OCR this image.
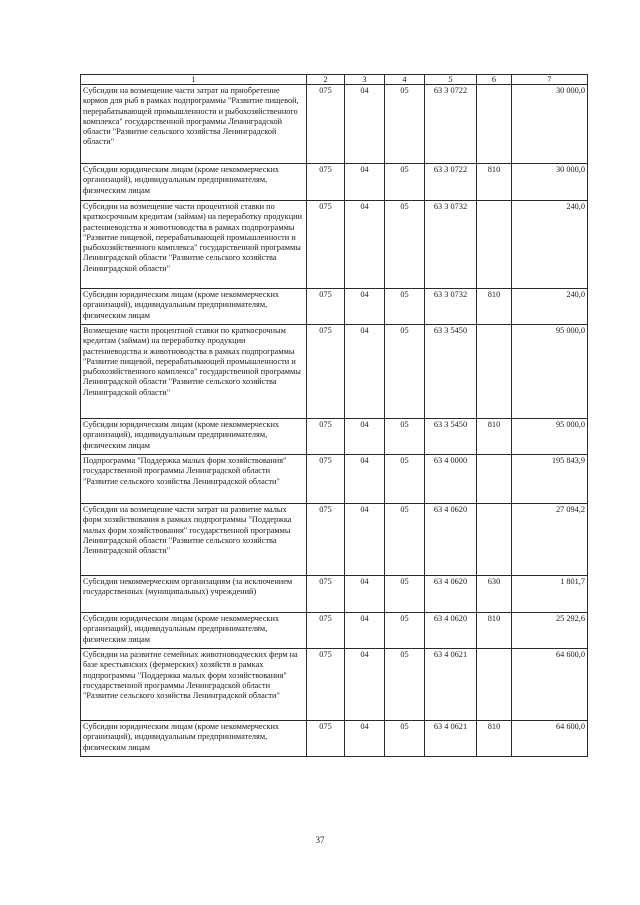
1	2	3	4	5	6	7
Субсидии на возмещение части затрат на приобретение кормов для рыб в рамках подпрограммы "Развитие пищевой, перерабатывающей промышленности и рыбохозяйственного комплекса" государственной программы Ленинградской области "Развитие сельского хозяйства Ленинградской области"	075	04	05	63 3 0722		30 000,0
Субсидии юридическим лицам (кроме некоммерческих организаций), индивидуальным предпринимателям, физическим лицам	075	04	05	63 3 0722	810	30 000,0
Субсидии на возмещение части процентной ставки по краткосрочным кредитам (займам) на переработку продукции растениеводства и животноводства в рамках подпрограммы "Развитие пищевой, перерабатывающей промышленности и рыбохозяйственного комплекса" государственной программы Ленинградской области "Развитие сельского хозяйства Ленинградской области"	075	04	05	63 3 0732		240,0
Субсидии юридическим лицам (кроме некоммерческих организаций), индивидуальным предпринимателям, физическим лицам	075	04	05	63 3 0732	810	240,0
Возмещение части процентной ставки по краткосрочным кредитам (займам) на переработку продукции растениеводства и животноводства в рамках подпрограммы "Развитие пищевой, перерабатывающей промышленности и рыбохозяйственного комплекса" государственной программы Ленинградской области "Развитие сельского хозяйства Ленинградской области"	075	04	05	63 3 5450		95 000,0
Субсидии юридическим лицам (кроме некоммерческих организаций), индивидуальным предпринимателям, физическим лицам	075	04	05	63 3 5450	810	95 000,0
Подпрограмма "Поддержка малых форм хозяйствования" государственной программы Ленинградской области "Развитие сельского хозяйства Ленинградской области"	075	04	05	63 4 0000		195 843,9
Субсидии на возмещение части затрат на развитие малых форм хозяйствования в рамках подпрограммы "Поддержка малых форм хозяйствования" государственной программы Ленинградской области "Развитие сельского хозяйства Ленинградской области"	075	04	05	63 4 0620		27 094,2
Субсидии некоммерческим организациям (за исключением государственных (муниципальных) учреждений)	075	04	05	63 4 0620	630	1 801,7
Субсидии юридическим лицам (кроме некоммерческих организаций), индивидуальным предпринимателям, физическим лицам	075	04	05	63 4 0620	810	25 292,6
Субсидии на развитие семейных животноводческих ферм на базе крестьянских (фермерских) хозяйств в рамках подпрограммы "Поддержка малых форм хозяйствования" государственной программы Ленинградской области "Развитие сельского хозяйства Ленинградской области"	075	04	05	63 4 0621		64 600,0
Субсидии юридическим лицам (кроме некоммерческих организаций), индивидуальным предпринимателям, физическим лицам	075	04	05	63 4 0621	810	64 600,0
37
